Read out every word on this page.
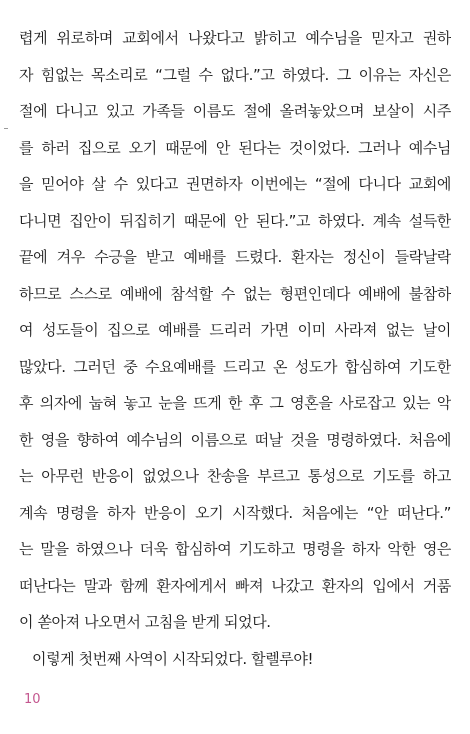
렵게 위로하며 교회에서 나왔다고 밝히고 예수님을 믿자고 권하
자 힘없는 목소리로 “그럴 수 없다.”고 하였다. 그 이유는 자신은
절에 다니고 있고 가족들 이름도 절에 올려놓았으며 보살이 시주
를 하러 집으로 오기 때문에 안 된다는 것이었다. 그러나 예수님
을 믿어야 살 수 있다고 권면하자 이번에는 “절에 다니다 교회에
다니면 집안이 뒤집히기 때문에 안 된다.”고 하였다. 계속 설득한
끝에 겨우 수긍을 받고 예배를 드렸다. 환자는 정신이 들락날락
하므로 스스로 예배에 참석할 수 없는 형편인데다 예배에 불참하
여 성도들이 집으로 예배를 드리러 가면 이미 사라져 없는 날이
많았다. 그러던 중 수요예배를 드리고 온 성도가 합심하여 기도한
후 의자에 눕혀 놓고 눈을 뜨게 한 후 그 영혼을 사로잡고 있는 악
한 영을 향하여 예수님의 이름으로 떠날 것을 명령하였다. 처음에
는 아무런 반응이 없었으나 찬송을 부르고 통성으로 기도를 하고
계속 명령을 하자 반응이 오기 시작했다. 처음에는 “안 떠난다.”
는 말을 하였으나 더욱 합심하여 기도하고 명령을 하자 악한 영은
떠난다는 말과 함께 환자에게서 빠져 나갔고 환자의 입에서 거품
이 쏟아져 나오면서 고침을 받게 되었다.
이렇게 첫번째 사역이 시작되었다. 할렐루야!
10
